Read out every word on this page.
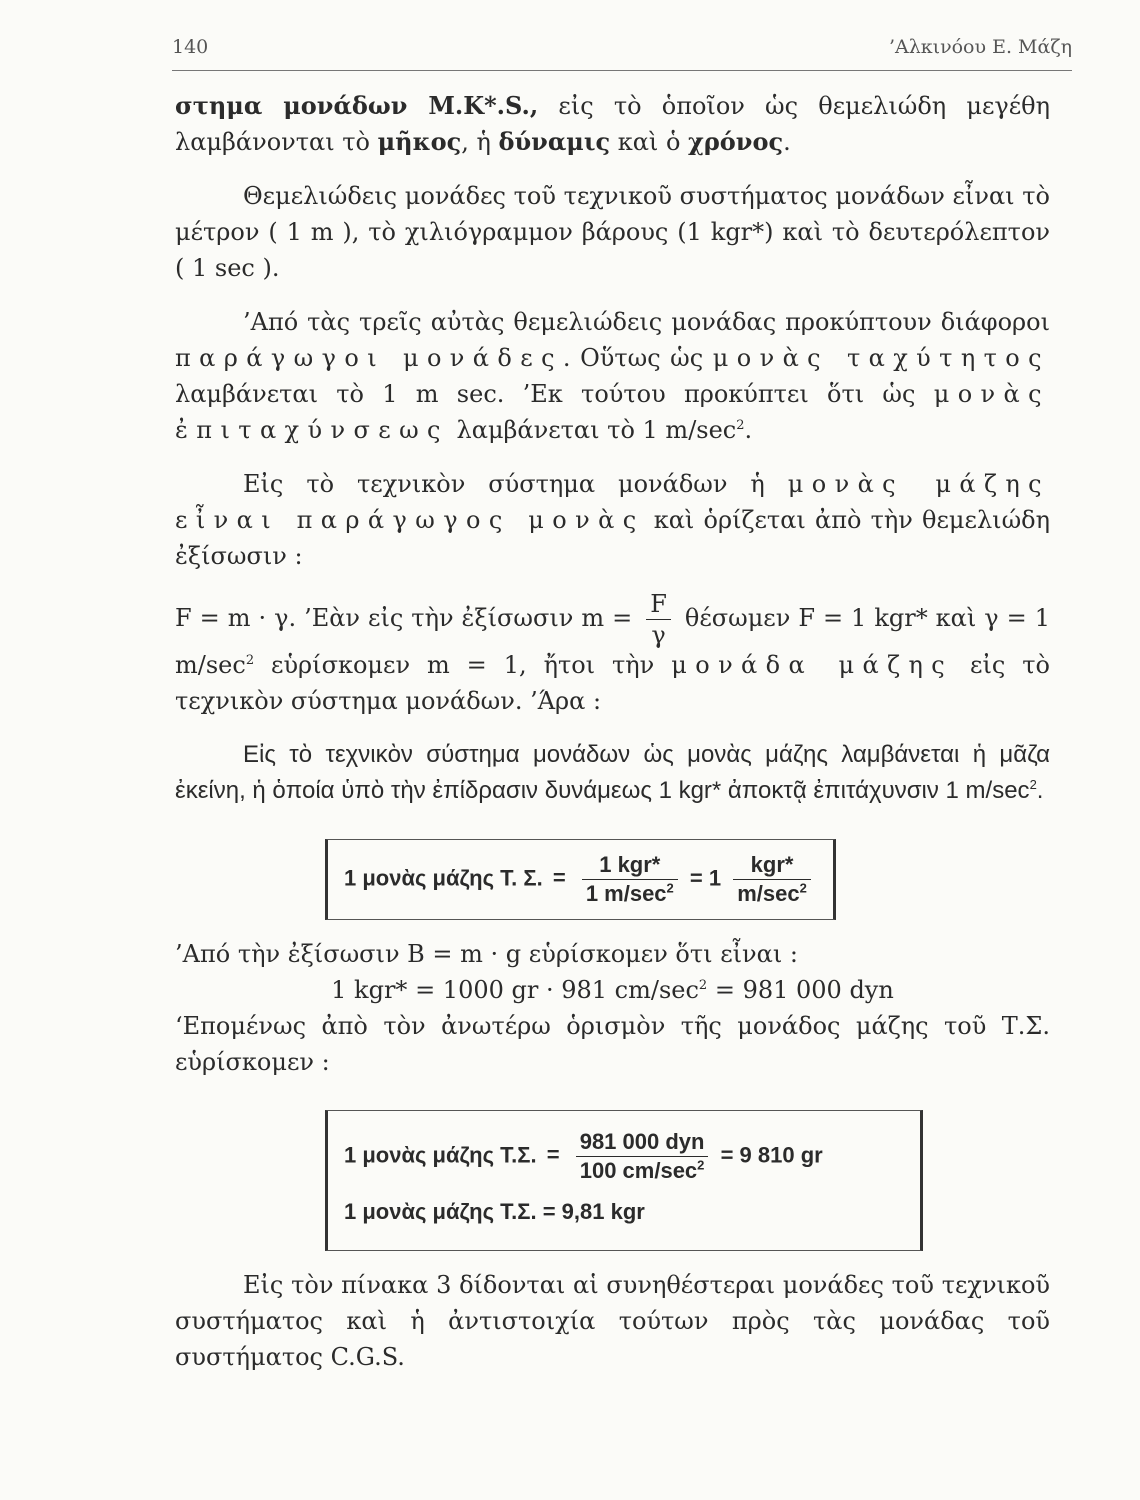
140	’Αλκινόου Ε. Μάζη

στημα μονάδων M.K*.S., εἰς τὸ ὁποῖον ὡς θεμελιώδη μεγέθη λαμβάνονται τὸ μῆκος, ἡ δύναμις καὶ ὁ χρόνος.

Θεμελιώδεις μονάδες τοῦ τεχνικοῦ συστήματος μονάδων εἶναι τὸ μέτρον ( 1 m ), τὸ χιλιόγραμμον βάρους (1 kgr*) καὶ τὸ δευτερόλεπτον ( 1 sec ).

’Από τὰς τρεῖς αὐτὰς θεμελιώδεις μονάδας προκύπτουν διάφοροι παράγωγοι μονάδες. Οὕτως ὡς μονὰς ταχύτητος λαμβάνεται τὸ 1 m sec. ’Εκ τούτου προκύπτει ὅτι ὡς μονὰς ἐπιταχύνσεως λαμβάνεται τὸ 1 $m/\sec^2$.

Εἰς τὸ τεχνικὸν σύστημα μονάδων ἡ μονὰς μάζης εἶναι παράγωγος μονὰς καὶ ὁρίζεται ἀπὸ τὴν θεμελιώδη ἐξίσωσιν :

F = m · γ. ’Εὰν εἰς τὴν ἐξίσωσιν $m = \frac{F}{\gamma}$ θέσωμεν F = 1 kgr* καὶ γ = 1 $m/\sec^2$ εὑρίσκομεν m = 1, ἤτοι τὴν μονάδα μάζης εἰς τὸ τεχνικὸν σύστημα μονάδων. ’Άρα :

Εἰς τὸ τεχνικὸν σύστημα μονάδων ὡς μονὰς μάζης λαμβάνεται ἡ μᾶζα ἐκείνη, ἡ ὁποία ὑπὸ τὴν ἐπίδρασιν δυνάμεως 1 kgr* ἀποκτᾷ ἐπιτάχυνσιν 1 $m/\sec^2$.

1 μονὰς μάζης Τ. Σ. = $\frac{\text{1 kgr*}}{1 m/\sec^2} = 1 \frac{\text{kgr*}}{m/\sec^2}$

’Από τὴν ἐξίσωσιν B = m · g εὑρίσκομεν ὅτι εἶναι :

1 kgr* = 1000 gr · 981 $cm/\sec^2 = 981$ 000 dyn

‘Επομένως ἀπὸ τὸν ἀνωτέρω ὁρισμὸν τῆς μονάδος μάζης τοῦ Τ.Σ. εὑρίσκομεν :

1 μονὰς μάζης Τ.Σ. = $\frac{\text{981 000 dyn}}{100 cm/\sec^2} = 9$ 810 gr
1 μονὰς μάζης Τ.Σ. = 9,81 kgr

Εἰς τὸν πίνακα 3 δίδονται αἱ συνηθέστεραι μονάδες τοῦ τεχνικοῦ συστήματος καὶ ἡ ἀντιστοιχία τούτων πρὸς τὰς μονάδας τοῦ συστήματος C.G.S.
